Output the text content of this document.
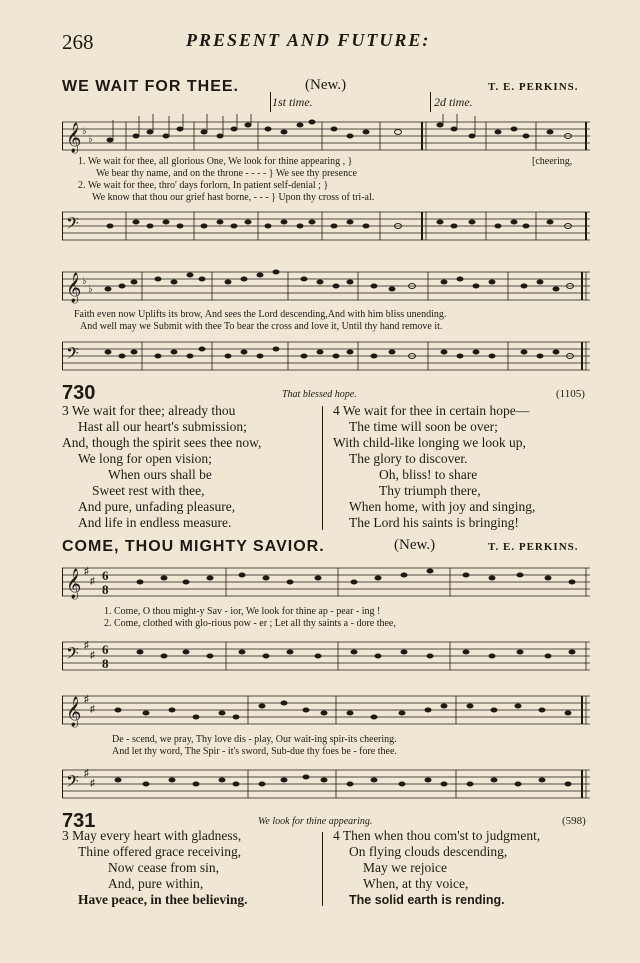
268	PRESENT AND FUTURE:
WE WAIT FOR THEE.	(New.)	T. E. PERKINS.
1st time.	2d time.
𝄞 ♭
♭
1. We wait for thee, all glorious One, We look for thine appearing , }
We bear thy name, and on the throne - - - - } We see thy presence
2. We wait for thee, thro' days forlorn, In patient self-denial ; }
We know that thou our grief hast borne, - - - } Upon thy cross of tri-al.
[cheering,
𝄢
𝄞 ♭
♭
Faith even now Uplifts its brow, And sees the Lord descending,And with him bliss unending.
And well may we Submit with thee To bear the cross and love it, Until thy hand remove it.
𝄢
730	That blessed hope.	(1105)
3 We wait for thee; already thou
Hast all our heart's submission;
And, though the spirit sees thee now,
We long for open vision;
When ours shall be
Sweet rest with thee,
And pure, unfading pleasure,
And life in endless measure.
4 We wait for thee in certain hope—
The time will soon be over;
With child-like longing we look up,
The glory to discover.
Oh, bliss! to share
Thy triumph there,
When home, with joy and singing,
The Lord his saints is bringing!
COME, THOU MIGHTY SAVIOR.	(New.)	T. E. PERKINS.
𝄞 ♯
♯ 6
8
1. Come, O thou might-y Sav - ior, We look for thine ap - pear - ing !
2. Come, clothed with glo-rious pow - er ; Let all thy saints a - dore thee,
𝄢 ♯
♯ 6
8
𝄞 ♯
♯
De - scend, we pray, Thy love dis - play, Our wait-ing spir-its cheering.
And let thy word, The Spir - it's sword, Sub-due thy foes be - fore thee.
𝄢 ♯
♯
731	We look for thine appearing.	(598)
3 May every heart with gladness,
Thine offered grace receiving,
Now cease from sin,
And, pure within,
Have peace, in thee believing.
4 Then when thou com'st to judgment,
On flying clouds descending,
May we rejoice
When, at thy voice,
The solid earth is rending.
